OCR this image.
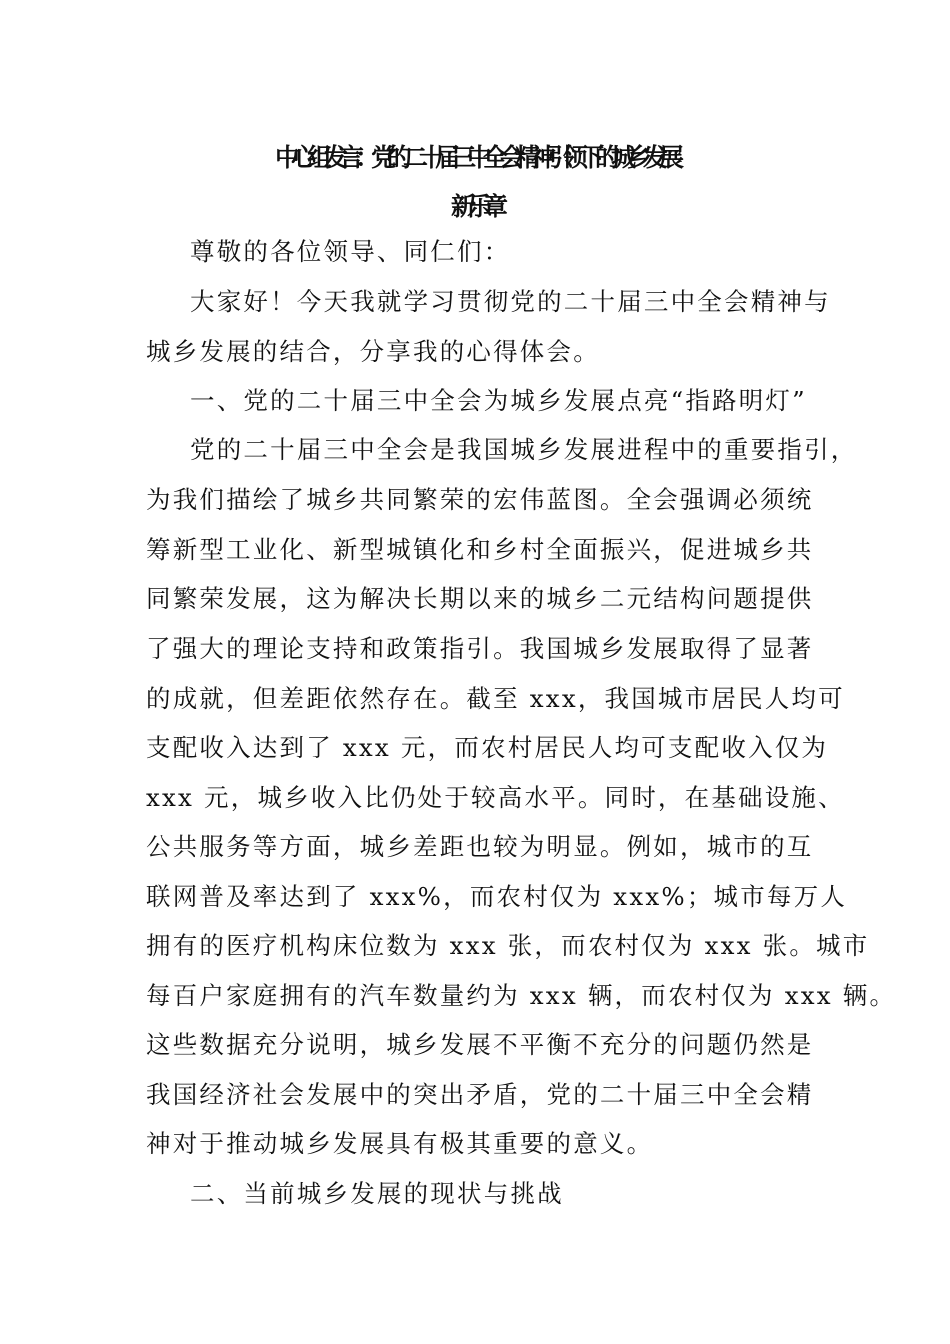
中心组发言：党的二十届三中全会精神引领下的城乡发展
新乐章
尊敬的各位领导、同仁们：
大家好！今天我就学习贯彻党的二十届三中全会精神与
城乡发展的结合，分享我的心得体会。
一、党的二十届三中全会为城乡发展点亮“指路明灯”
党的二十届三中全会是我国城乡发展进程中的重要指引，
为我们描绘了城乡共同繁荣的宏伟蓝图。全会强调必须统
筹新型工业化、新型城镇化和乡村全面振兴，促进城乡共
同繁荣发展，这为解决长期以来的城乡二元结构问题提供
了强大的理论支持和政策指引。我国城乡发展取得了显著
的成就，但差距依然存在。截至 xxx，我国城市居民人均可
支配收入达到了 xxx 元，而农村居民人均可支配收入仅为
xxx 元，城乡收入比仍处于较高水平。同时，在基础设施、
公共服务等方面，城乡差距也较为明显。例如，城市的互
联网普及率达到了 xxx%，而农村仅为 xxx%；城市每万人
拥有的医疗机构床位数为 xxx 张，而农村仅为 xxx 张。城市
每百户家庭拥有的汽车数量约为 xxx 辆，而农村仅为 xxx 辆。
这些数据充分说明，城乡发展不平衡不充分的问题仍然是
我国经济社会发展中的突出矛盾，党的二十届三中全会精
神对于推动城乡发展具有极其重要的意义。
二、当前城乡发展的现状与挑战
